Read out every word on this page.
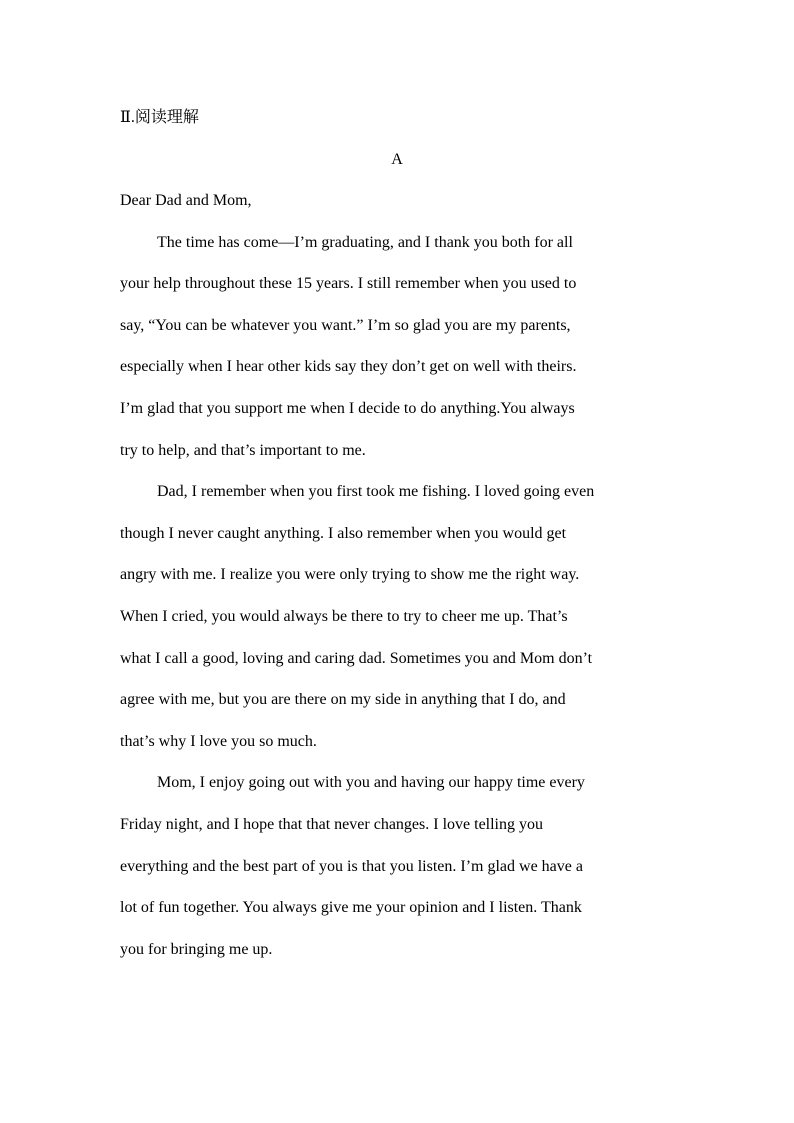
Ⅱ.阅读理解
A
Dear Dad and Mom,
The time has come—I’m graduating, and I thank you both for all
your help throughout these 15 years. I still remember when you used to
say, “You can be whatever you want.” I’m so glad you are my parents,
especially when I hear other kids say they don’t get on well with theirs.
I’m glad that you support me when I decide to do anything.You always
try to help, and that’s important to me.
Dad, I remember when you first took me fishing. I loved going even
though I never caught anything. I also remember when you would get
angry with me. I realize you were only trying to show me the right way.
When I cried, you would always be there to try to cheer me up. That’s
what I call a good, loving and caring dad. Sometimes you and Mom don’t
agree with me, but you are there on my side in anything that I do, and
that’s why I love you so much.
Mom, I enjoy going out with you and having our happy time every
Friday night, and I hope that that never changes. I love telling you
everything and the best part of you is that you listen. I’m glad we have a
lot of fun together. You always give me your opinion and I listen. Thank
you for bringing me up.
